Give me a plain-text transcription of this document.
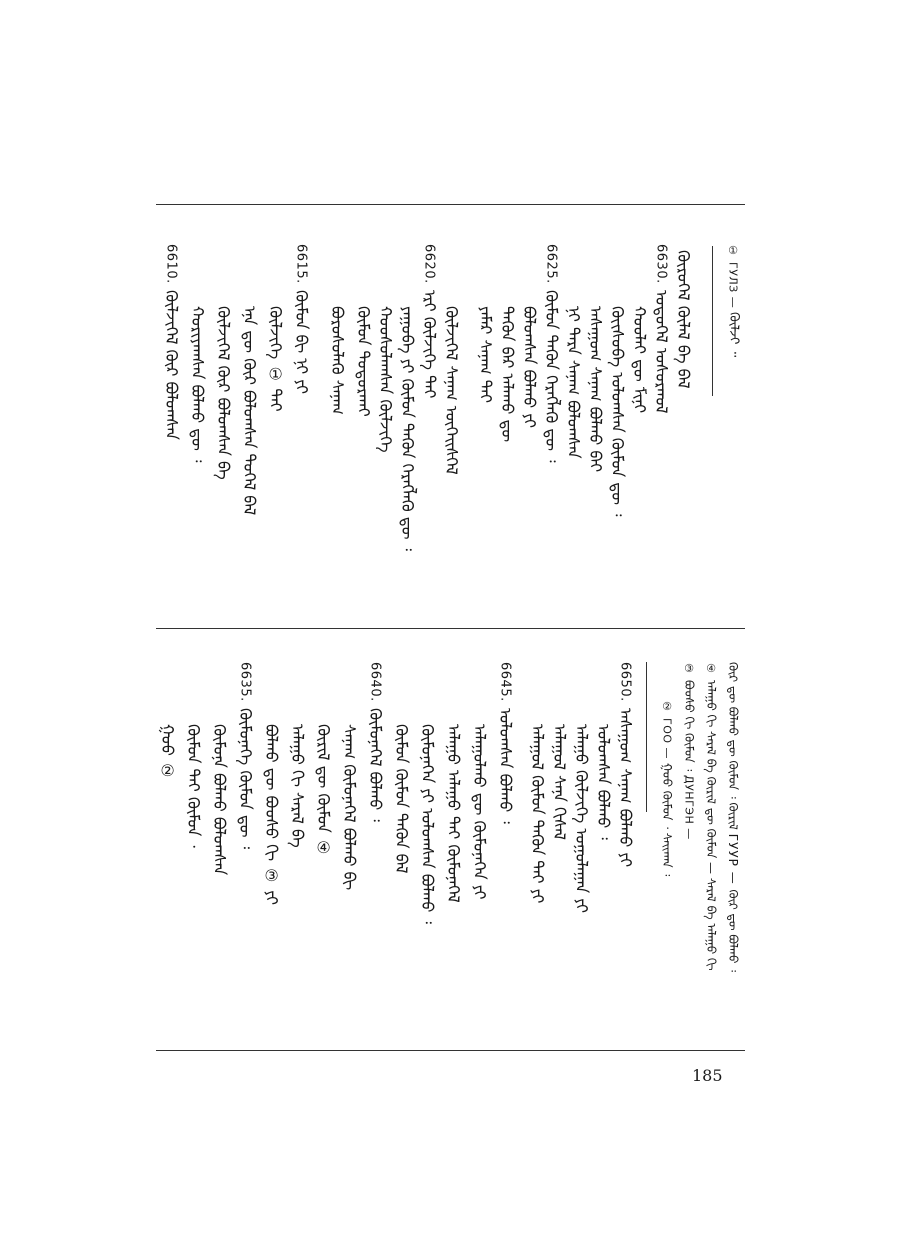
①
ГУЛЗ —
ᠭᠦᠯᠵᠢ ᠃
ᠭᠦᠷᠦᠭᠡᠯ ᠬᠦᠯᠡᠯ ᠪᠡ ᠪᠡᠯ
6630.
ᠣᠳᠣᠭᠡᠯ ᠣᠰᠣᠷᠬᠣᠯ
ᠬᠣᠣᠯᠠᠢ ᠳᠦ ᠮᠢᠨᠢ
ᠬᠦᠢᠰᠦᠪᠡ ᠤᠯᠤᠭᠰᠠᠨ ᠬᠦᠮᠦᠨ ᠳᠦ ᠄
ᠠᠰᠠᠭᠤᠭ ᠰᠠᠨᠠᠭ ᠪᠣᠯᠬᠣ ᠪᠠᠢ
ᠨᠢ ᠲᠡᠷᠡ ᠰᠠᠨᠠᠭ ᠪᠣᠯᠤᠭᠰᠠᠨ
6625.
ᠬᠦᠮᠦᠨ ᠲᠡᠭᠦᠨ ᠬᠡᠷᠡᠭᠯᠡᠬᠦ ᠳᠦ ᠄
ᠪᠣᠯᠤᠭᠰᠠᠨ ᠪᠣᠯᠬᠣ ᠶᠢ
ᠲᠡᠭᠦᠨ ᠪᠡᠷ ᠠᠯᠠᠬᠤ ᠳᠦ
ᠶᠠᠮᠠᠷ ᠰᠠᠨᠠᠭ ᠲᠠᠢ
ᠭᠦᠯᠵᠢᠭᠡᠯ ᠰᠠᠨᠠᠭ ᠦᠭᠡᠢᠰᠬᠡᠯ
6620.
ᠡᠷᠢ ᠭᠦᠯᠵᠢᠭᠡ ᠲᠡᠢ
ᠶᠠᠭᠤᠪᠠ ᠶᠢ ᠬᠦᠮᠦᠨ ᠲᠡᠭᠦᠨ ᠬᠡᠷᠡᠭᠯᠡᠬᠦ ᠳᠦ ᠄
ᠬᠣᠣᠰᠣᠯᠠᠭᠰᠠᠨ ᠭᠦᠯᠵᠢᠭᠡ
ᠬᠦᠮᠦᠨ ᠲᠣᠳᠣᠷᠬᠠᠢ
ᠪᠣᠷᠣᠰᠣᠯᠡᠬᠦ ᠰᠠᠨᠠᠭ
6615.
ᠬᠦᠮᠦᠨ ᠪᠢ ᠨᠢ ᠶᠢ
ᠭᠦᠯᠵᠢᠭᠡ ① ᠲᠡᠢ
ᠡᠨᠡ ᠳᠦ ᠭᠦᠷ ᠪᠣᠯᠤᠭᠰᠠᠨ ᠲᠣᠭᠡᠯ ᠪᠡᠯ
ᠭᠦᠯᠵᠢᠭᠡᠯ ᠭᠦᠷ ᠪᠣᠯᠤᠭᠰᠠᠨ ᠪᠡ
ᠬᠣᠷᠢᠶᠠᠭᠰᠠᠨ ᠪᠣᠯᠬᠣ ᠳᠦ ᠄
6610.
ᠭᠦᠯᠵᠢᠭᠡᠯ ᠭᠦᠷ ᠪᠣᠯᠤᠭᠰᠠᠨ
ᠭᠦᠷ ᠳᠦ ᠪᠣᠯᠬᠣ ᠳᠦ ᠬᠦᠮᠦᠨ ᠄ ᠭᠦᠷᠢᠯ ГУУР — ᠭᠦᠷ ᠳᠦ ᠪᠣᠯᠬᠣ ᠄
④
ᠠᠯᠠᠭᠤ ᠬᠢ ᠰᠡᠷᠡᠯ ᠪᠡ ᠭᠦᠷᠢᠯ ᠳᠦ ᠬᠦᠮᠦᠨ — ᠰᠡᠷᠡᠯ ᠪᠡ ᠠᠯᠠᠭᠤ ᠬᠢ
③
ᠪᠣᠣᠰᠣ ᠬᠢ ᠬᠦᠮᠦᠨ ᠄
ДУНГЭН —
②
ГОО —
ᠭᠣᠣ ᠬᠦᠮᠦᠨ ᠂ ᠰᠠᠢᠬᠠᠨ ᠄
6650.
ᠠᠰᠠᠭᠤᠭ ᠰᠠᠨᠠᠭ ᠪᠣᠯᠬᠣ ᠶᠢ
ᠤᠯᠤᠭᠰᠠᠨ ᠪᠣᠯᠬᠣ ᠄
ᠠᠯᠠᠭᠤ ᠭᠦᠯᠵᠢᠭᠡ ᠤᠭᠤᠯᠠᠭᠠᠨ ᠶᠢ
ᠠᠯᠠᠭᠤᠯ ᠰᠠᠨᠠ ᠬᠢᠰᠡᠯ
ᠠᠯᠠᠭᠤᠯ ᠬᠦᠮᠦᠨ ᠲᠡᠭᠦᠨ ᠲᠠᠢ ᠶᠢ
6645.
ᠤᠯᠤᠭᠰᠠᠨ ᠪᠣᠯᠬᠣ ᠄
ᠠᠯᠠᠭᠤᠯᠬᠣ ᠳᠦ ᠬᠦᠮᠦᠨᠡᠭᠡᠨ ᠶᠢ
ᠠᠯᠠᠭᠤ ᠠᠯᠠᠭᠤ ᠲᠡᠢ ᠬᠦᠮᠦᠨᠡᠭᠡᠯ
ᠬᠦᠮᠦᠨᠡᠭᠡᠨ ᠶᠢ ᠤᠯᠤᠭᠰᠠᠨ ᠪᠣᠯᠬᠣ ᠄
ᠬᠦᠮᠦᠨ ᠬᠦᠮᠦᠨ ᠲᠡᠭᠦᠨ ᠪᠡᠯ
6640.
ᠬᠦᠮᠦᠨᠡᠭᠡᠯ ᠪᠣᠯᠬᠣ ᠄
ᠰᠠᠨᠠᠭ ᠬᠦᠮᠦᠨᠡᠭᠡᠯ ᠪᠣᠯᠬᠣ ᠪᠢ
ᠭᠦᠷᠢᠯ ᠳᠦ ᠬᠦᠮᠦᠨ ④
ᠠᠯᠠᠭᠤ ᠬᠢ ᠰᠡᠷᠡᠯ ᠪᠡ
ᠪᠣᠯᠬᠣ ᠳᠦ ᠪᠣᠣᠰᠣ ᠬᠢ ③ ᠶᠢ
6635.
ᠬᠦᠮᠦᠨᠡᠭᠡ ᠬᠦᠮᠦᠨ ᠳᠦ ᠄
ᠬᠦᠮᠦᠨᠡ ᠪᠣᠯᠬᠣ ᠪᠣᠯᠤᠭᠰᠠᠨ
ᠬᠦᠮᠦᠨ ᠲᠡᠢ ᠬᠦᠮᠦᠨ ᠂
ᠭᠣᠣ ②
185
